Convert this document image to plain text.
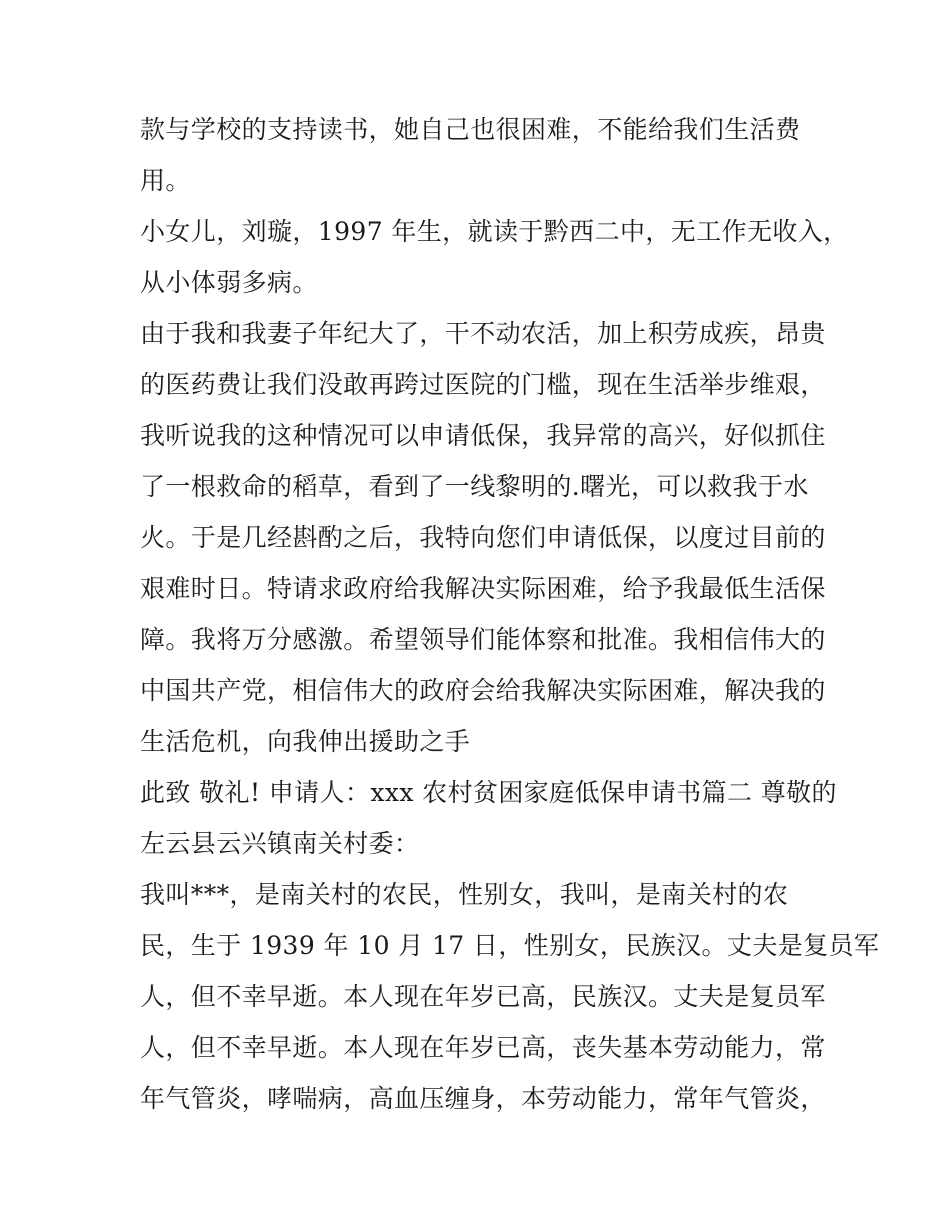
款与学校的支持读书，她自己也很困难，不能给我们生活费
用。
小女儿，刘璇，1997 年生，就读于黔西二中，无工作无收入，
从小体弱多病。
由于我和我妻子年纪大了，干不动农活，加上积劳成疾，昂贵
的医药费让我们没敢再跨过医院的门槛，现在生活举步维艰，
我听说我的这种情况可以申请低保，我异常的高兴，好似抓住
了一根救命的稻草，看到了一线黎明的.曙光，可以救我于水
火。于是几经斟酌之后，我特向您们申请低保，以度过目前的
艰难时日。特请求政府给我解决实际困难，给予我最低生活保
障。我将万分感激。希望领导们能体察和批准。我相信伟大的
中国共产党，相信伟大的政府会给我解决实际困难，解决我的
生活危机，向我伸出援助之手
此致 敬礼! 申请人：xxx 农村贫困家庭低保申请书篇二 尊敬的
左云县云兴镇南关村委：
我叫***，是南关村的农民，性别女，我叫，是南关村的农
民，生于 1939 年 10 月 17 日，性别女，民族汉。丈夫是复员军
人，但不幸早逝。本人现在年岁已高，民族汉。丈夫是复员军
人，但不幸早逝。本人现在年岁已高，丧失基本劳动能力，常
年气管炎，哮喘病，高血压缠身，本劳动能力，常年气管炎，
